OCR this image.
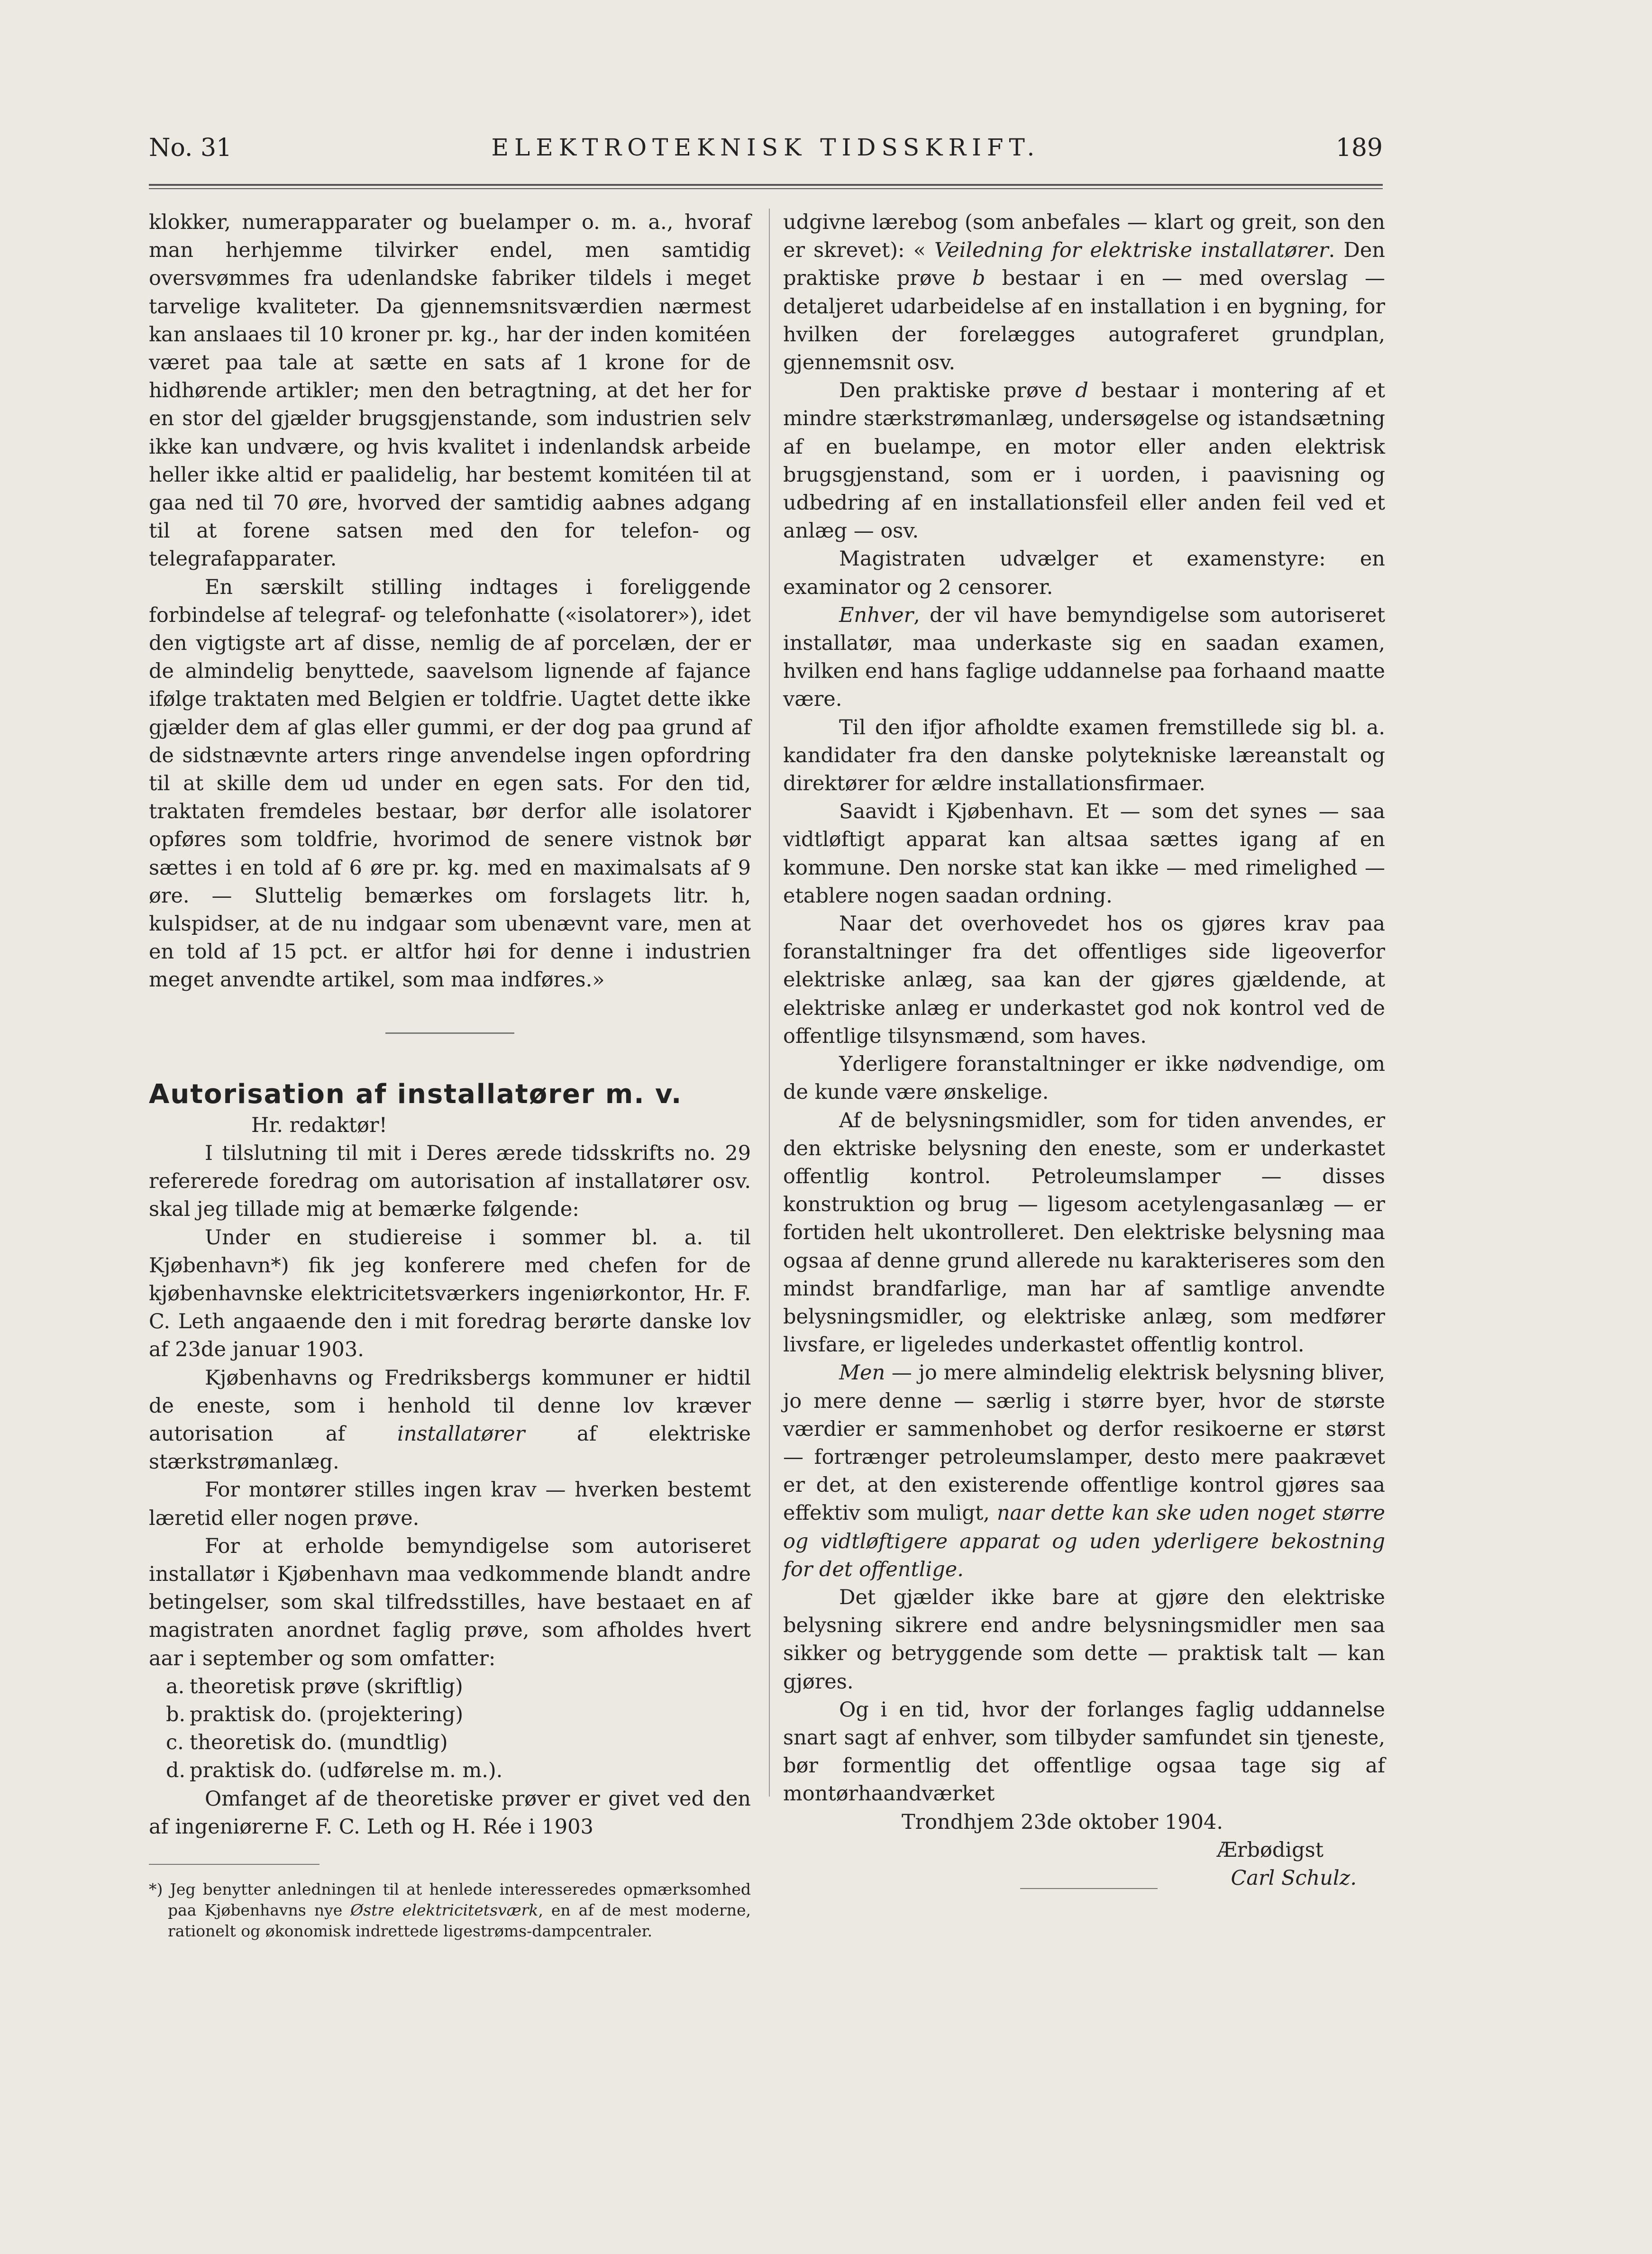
No. 31	ELEKTROTEKNISK TIDSSKRIFT.	189

klokker, numerapparater og buelamper o. m. a., hvoraf man herhjemme tilvirker endel, men samtidig oversvømmes fra udenlandske fabriker tildels i meget tarvelige kvaliteter. Da gjennemsnitsværdien nærmest kan anslaaes til 10 kroner pr. kg., har der inden komitéen været paa tale at sætte en sats af 1 krone for de hidhørende artikler; men den betragtning, at det her for en stor del gjælder brugsgjenstande, som industrien selv ikke kan undvære, og hvis kvalitet i indenlandsk arbeide heller ikke altid er paalidelig, har bestemt komitéen til at gaa ned til 70 øre, hvorved der samtidig aabnes adgang til at forene satsen med den for telefon- og telegrafapparater.

En særskilt stilling indtages i foreliggende forbindelse af telegraf- og telefonhatte («isolatorer»), idet den vigtigste art af disse, nemlig de af porcelæn, der er de almindelig benyttede, saavelsom lignende af fajance ifølge traktaten med Belgien er toldfrie. Uagtet dette ikke gjælder dem af glas eller gummi, er der dog paa grund af de sidstnævnte arters ringe anvendelse ingen opfordring til at skille dem ud under en egen sats. For den tid, traktaten fremdeles bestaar, bør derfor alle isolatorer opføres som toldfrie, hvorimod de senere vistnok bør sættes i en told af 6 øre pr. kg. med en maximalsats af 9 øre. — Sluttelig bemærkes om forslagets litr. h, kulspidser, at de nu indgaar som ubenævnt vare, men at en told af 15 pct. er altfor høi for denne i industrien meget anvendte artikel, som maa indføres.»

Autorisation af installatører m. v.

Hr. redaktør!

I tilslutning til mit i Deres ærede tidsskrifts no. 29 refererede foredrag om autorisation af installatører osv. skal jeg tillade mig at bemærke følgende:

Under en studiereise i sommer bl. a. til Kjøbenhavn*) fik jeg konferere med chefen for de kjøbenhavnske elektricitetsværkers ingeniørkontor, Hr. F. C. Leth angaaende den i mit foredrag berørte danske lov af 23de januar 1903.

Kjøbenhavns og Fredriksbergs kommuner er hidtil de eneste, som i henhold til denne lov kræver autorisation af installatører af elektriske stærkstrømanlæg.

For montører stilles ingen krav — hverken bestemt læretid eller nogen prøve.

For at erholde bemyndigelse som autoriseret installatør i Kjøbenhavn maa vedkommende blandt andre betingelser, som skal tilfredsstilles, have bestaaet en af magistraten anordnet faglig prøve, som afholdes hvert aar i september og som omfatter:

a. theoretisk prøve (skriftlig)
b. praktisk do. (projektering)
c. theoretisk do. (mundtlig)
d. praktisk do. (udførelse m. m.).

Omfanget af de theoretiske prøver er givet ved den af ingeniørerne F. C. Leth og H. Rée i 1903

*) Jeg benytter anledningen til at henlede interesseredes opmærksomhed paa Kjøbenhavns nye Østre elektricitetsværk, en af de mest moderne, rationelt og økonomisk indrettede ligestrøms-dampcentraler.

udgivne lærebog (som anbefales — klart og greit, son den er skrevet): « Veiledning for elektriske installatører. Den praktiske prøve b bestaar i en — med overslag — detaljeret udarbeidelse af en installation i en bygning, for hvilken der forelægges autograferet grundplan, gjennemsnit osv.

Den praktiske prøve d bestaar i montering af et mindre stærkstrømanlæg, undersøgelse og istandsætning af en buelampe, en motor eller anden elektrisk brugsgjenstand, som er i uorden, i paavisning og udbedring af en installationsfeil eller anden feil ved et anlæg — osv.

Magistraten udvælger et examenstyre: en examinator og 2 censorer.

Enhver, der vil have bemyndigelse som autoriseret installatør, maa underkaste sig en saadan examen, hvilken end hans faglige uddannelse paa forhaand maatte være.

Til den ifjor afholdte examen fremstillede sig bl. a. kandidater fra den danske polytekniske læreanstalt og direktører for ældre installationsfirmaer.

Saavidt i Kjøbenhavn. Et — som det synes — saa vidtløftigt apparat kan altsaa sættes igang af en kommune. Den norske stat kan ikke — med rimelighed — etablere nogen saadan ordning.

Naar det overhovedet hos os gjøres krav paa foranstaltninger fra det offentliges side ligeoverfor elektriske anlæg, saa kan der gjøres gjældende, at elektriske anlæg er underkastet god nok kontrol ved de offentlige tilsynsmænd, som haves.

Yderligere foranstaltninger er ikke nødvendige, om de kunde være ønskelige.

Af de belysningsmidler, som for tiden anvendes, er den ektriske belysning den eneste, som er underkastet offentlig kontrol. Petroleumslamper — disses konstruktion og brug — ligesom acetylengasanlæg — er fortiden helt ukontrolleret. Den elektriske belysning maa ogsaa af denne grund allerede nu karakteriseres som den mindst brandfarlige, man har af samtlige anvendte belysningsmidler, og elektriske anlæg, som medfører livsfare, er ligeledes underkastet offentlig kontrol.

Men — jo mere almindelig elektrisk belysning bliver, jo mere denne — særlig i større byer, hvor de største værdier er sammenhobet og derfor resikoerne er størst — fortrænger petroleumslamper, desto mere paakrævet er det, at den existerende offentlige kontrol gjøres saa effektiv som muligt, naar dette kan ske uden noget større og vidtløftigere apparat og uden yderligere bekostning for det offentlige.

Det gjælder ikke bare at gjøre den elektriske belysning sikrere end andre belysningsmidler men saa sikker og betryggende som dette — praktisk talt — kan gjøres.

Og i en tid, hvor der forlanges faglig uddannelse snart sagt af enhver, som tilbyder samfundet sin tjeneste, bør formentlig det offentlige ogsaa tage sig af montørhaandværket

Trondhjem 23de oktober 1904.

Ærbødigst

Carl Schulz.
